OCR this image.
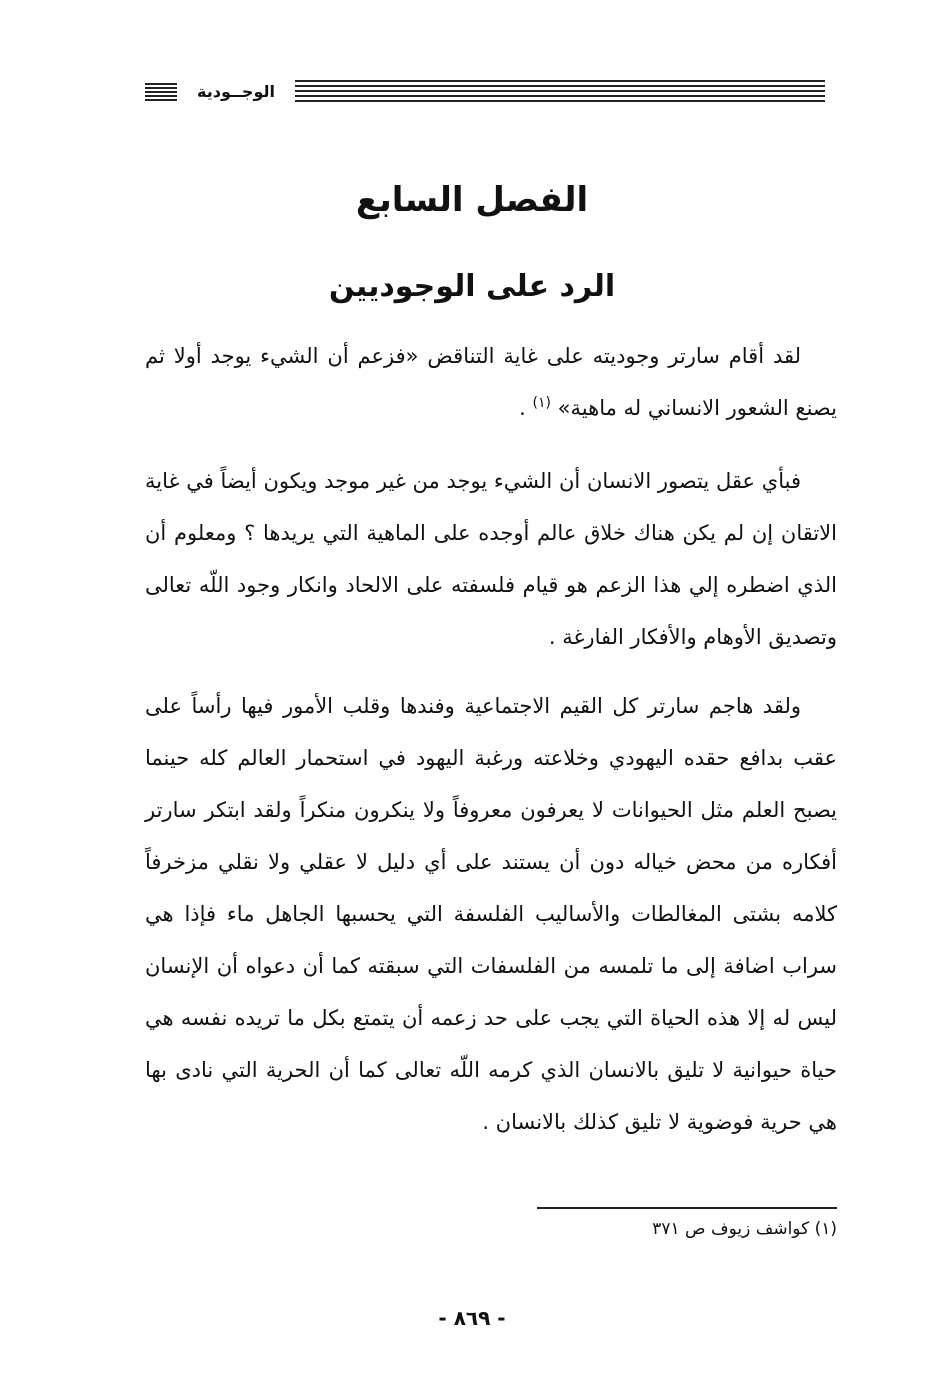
الوجــودية
الفصل السابع
الرد على الوجوديين

لقد أقام سارتر وجوديته على غاية التناقض «فزعم أن الشيء يوجد أولا ثم يصنع الشعور الانساني له ماهية» $^{(١)}$ .

فبأي عقل يتصور الانسان أن الشيء يوجد من غير موجد ويكون أيضاً في غاية الاتقان إن لم يكن هناك خلاق عالم أوجده على الماهية التي يريدها ؟ ومعلوم أن الذي اضطره إلي هذا الزعم هو قيام فلسفته على الالحاد وانكار وجود اللّه تعالى وتصديق الأوهام والأفكار الفارغة .

ولقد هاجم سارتر كل القيم الاجتماعية وفندها وقلب الأمور فيها رأساً على عقب بدافع حقده اليهودي وخلاعته ورغبة اليهود في استحمار العالم كله حينما يصبح العلم مثل الحيوانات لا يعرفون معروفاً ولا ينكرون منكراً ولقد ابتكر سارتر أفكاره من محض خياله دون أن يستند على أي دليل لا عقلي ولا نقلي مزخرفاً كلامه بشتى المغالطات والأساليب الفلسفة التي يحسبها الجاهل ماء فإذا هي سراب اضافة إلى ما تلمسه من الفلسفات التي سبقته كما أن دعواه أن الإنسان ليس له إلا هذه الحياة التي يجب على حد زعمه أن يتمتع بكل ما تريده نفسه هي حياة حيوانية لا تليق بالانسان الذي كرمه اللّه تعالى كما أن الحرية التي نادى بها هي حرية فوضوية لا تليق كذلك بالانسان .

(١) كواشف زيوف ص ٣٧١
- ٨٦٩ -
